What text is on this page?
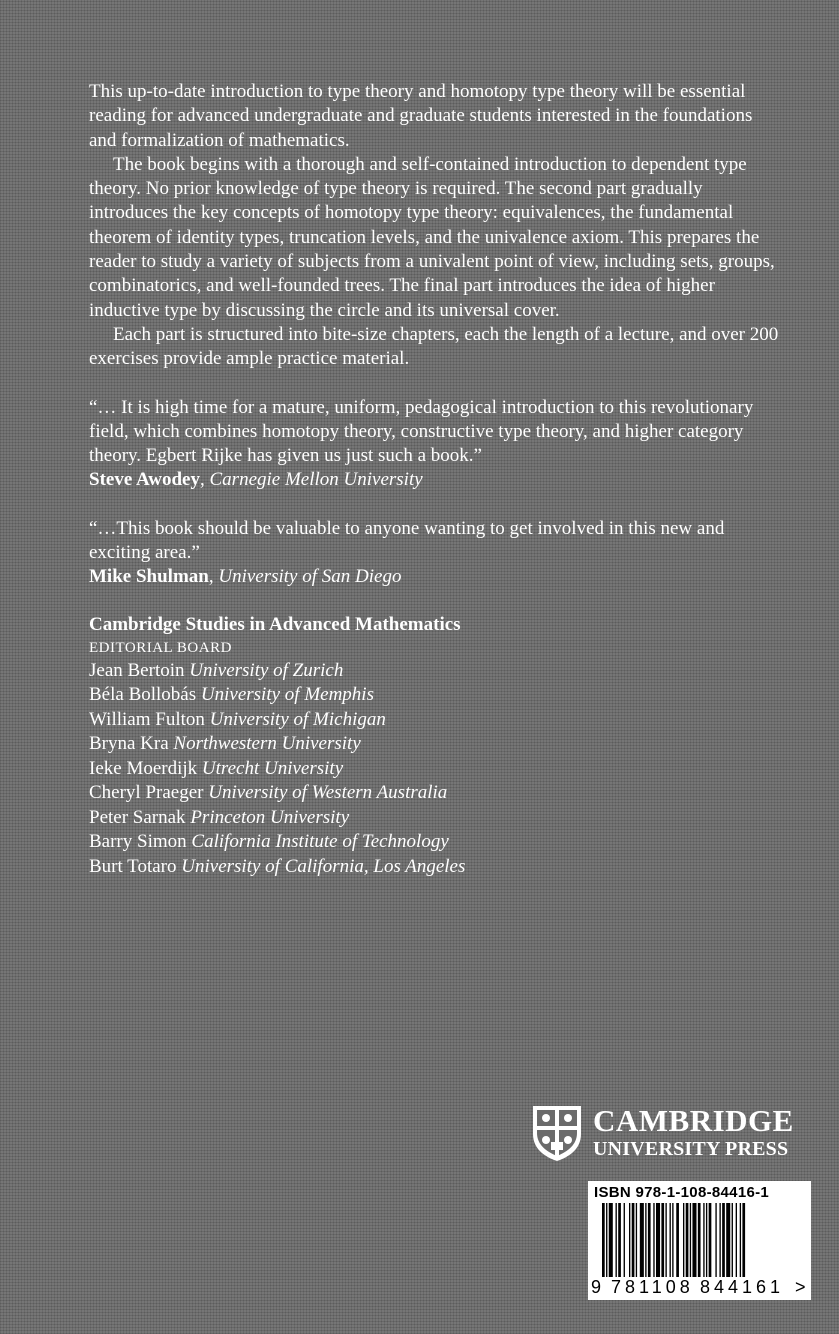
This up-to-date introduction to type theory and homotopy type theory will be essential reading for advanced undergraduate and graduate students interested in the foundations and formalization of mathematics.

The book begins with a thorough and self-contained introduction to dependent type theory. No prior knowledge of type theory is required. The second part gradually introduces the key concepts of homotopy type theory: equivalences, the fundamental theorem of identity types, truncation levels, and the univalence axiom. This prepares the reader to study a variety of subjects from a univalent point of view, including sets, groups, combinatorics, and well-founded trees. The final part introduces the idea of higher inductive type by discussing the circle and its universal cover.

Each part is structured into bite-size chapters, each the length of a lecture, and over 200 exercises provide ample practice material.

“… It is high time for a mature, uniform, pedagogical introduction to this revolutionary field, which combines homotopy theory, constructive type theory, and higher category theory. Egbert Rijke has given us just such a book.”

Steve Awodey, Carnegie Mellon University

“…This book should be valuable to anyone wanting to get involved in this new and exciting area.”

Mike Shulman, University of San Diego
Cambridge Studies in Advanced Mathematics
EDITORIAL BOARD
Jean Bertoin University of Zurich
Béla Bollobás University of Memphis
William Fulton University of Michigan
Bryna Kra Northwestern University
Ieke Moerdijk Utrecht University
Cheryl Praeger University of Western Australia
Peter Sarnak Princeton University
Barry Simon California Institute of Technology
Burt Totaro University of California, Los Angeles
CAMBRIDGE
UNIVERSITY PRESS
ISBN 978-1-108-84416-1
9 781108 844161 >
